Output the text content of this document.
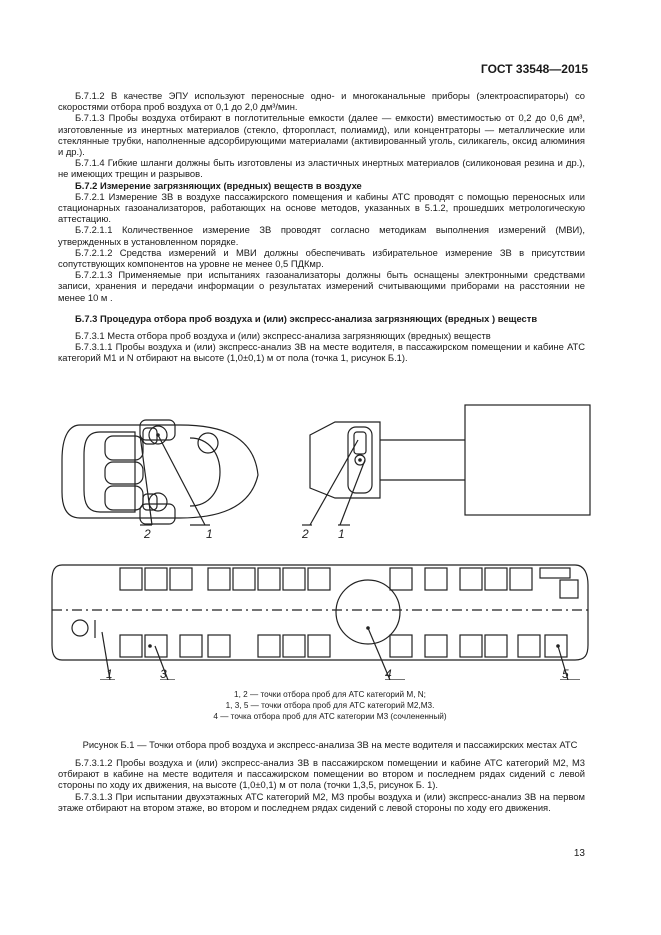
ГОСТ 33548—2015

Б.7.1.2 В качестве ЭПУ используют переносные одно- и многоканальные приборы (электроаспираторы) со скоростями отбора проб воздуха от 0,1 до 2,0 дм³/мин.

Б.7.1.3 Пробы воздуха отбирают в поглотительные емкости (далее — емкости) вместимостью от 0,2 до 0,6 дм³, изготовленные из инертных материалов (стекло, фторопласт, полиамид), или концентраторы — металлические или стеклянные трубки, наполненные адсорбирующими материалами (активированный уголь, силикагель, оксид алюминия и др.).

Б.7.1.4 Гибкие шланги должны быть изготовлены из эластичных инертных материалов (силиконовая резина и др.), не имеющих трещин и разрывов.

Б.7.2 Измерение загрязняющих (вредных) веществ в воздухе

Б.7.2.1 Измерение ЗВ в воздухе пассажирского помещения и кабины АТС проводят с помощью переносных или стационарных газоанализаторов, работающих на основе методов, указанных в 5.1.2, прошедших метрологическую аттестацию.

Б.7.2.1.1 Количественное измерение ЗВ проводят согласно методикам выполнения измерений (МВИ), утвержденных в установленном порядке.

Б.7.2.1.2 Средства измерений и МВИ должны обеспечивать избирательное измерение ЗВ в присутствии сопутствующих компонентов на уровне не менее 0,5 ПДКмр.

Б.7.2.1.3 Применяемые при испытаниях газоанализаторы должны быть оснащены электронными средствами записи, хранения и передачи информации о результатах измерений считывающими приборами на расстоянии не менее 10 м .

Б.7.3 Процедура отбора проб воздуха и (или) экспресс-анализа загрязняющих (вредных ) веществ

Б.7.3.1 Места отбора проб воздуха и (или) экспресс-анализа загрязняющих (вредных) веществ

Б.7.3.1.1 Пробы воздуха и (или) экспресс-анализ ЗВ на месте водителя, в пассажирском помещении и кабине АТС категорий M1 и N отбирают на высоте (1,0±0,1) м от пола (точка 1, рисунок Б.1).

2	1	2 1
1	3	4	5
1, 2 — точки отбора проб для АТС категорий M, N;
1, 3, 5 — точки отбора проб для АТС категорий M2,M3.
4 — точка отбора проб для АТС категории M3 (сочлененный)
Рисунок Б.1 — Точки отбора проб воздуха и экспресс-анализа ЗВ на месте водителя и пассажирских местах АТС

Б.7.3.1.2 Пробы воздуха и (или) экспресс-анализ ЗВ в пассажирском помещении и кабине АТС категорий M2, M3 отбирают в кабине на месте водителя и пассажирском помещении во втором и последнем рядах сидений с левой стороны по ходу их движения, на высоте (1,0±0,1) м от пола (точки 1,3,5, рисунок Б. 1).

Б.7.3.1.3 При испытании двухэтажных АТС категорий M2, M3 пробы воздуха и (или) экспресс-анализ ЗВ на первом этаже отбирают на втором этаже, во втором и последнем рядах сидений с левой стороны по ходу его движения.

13
